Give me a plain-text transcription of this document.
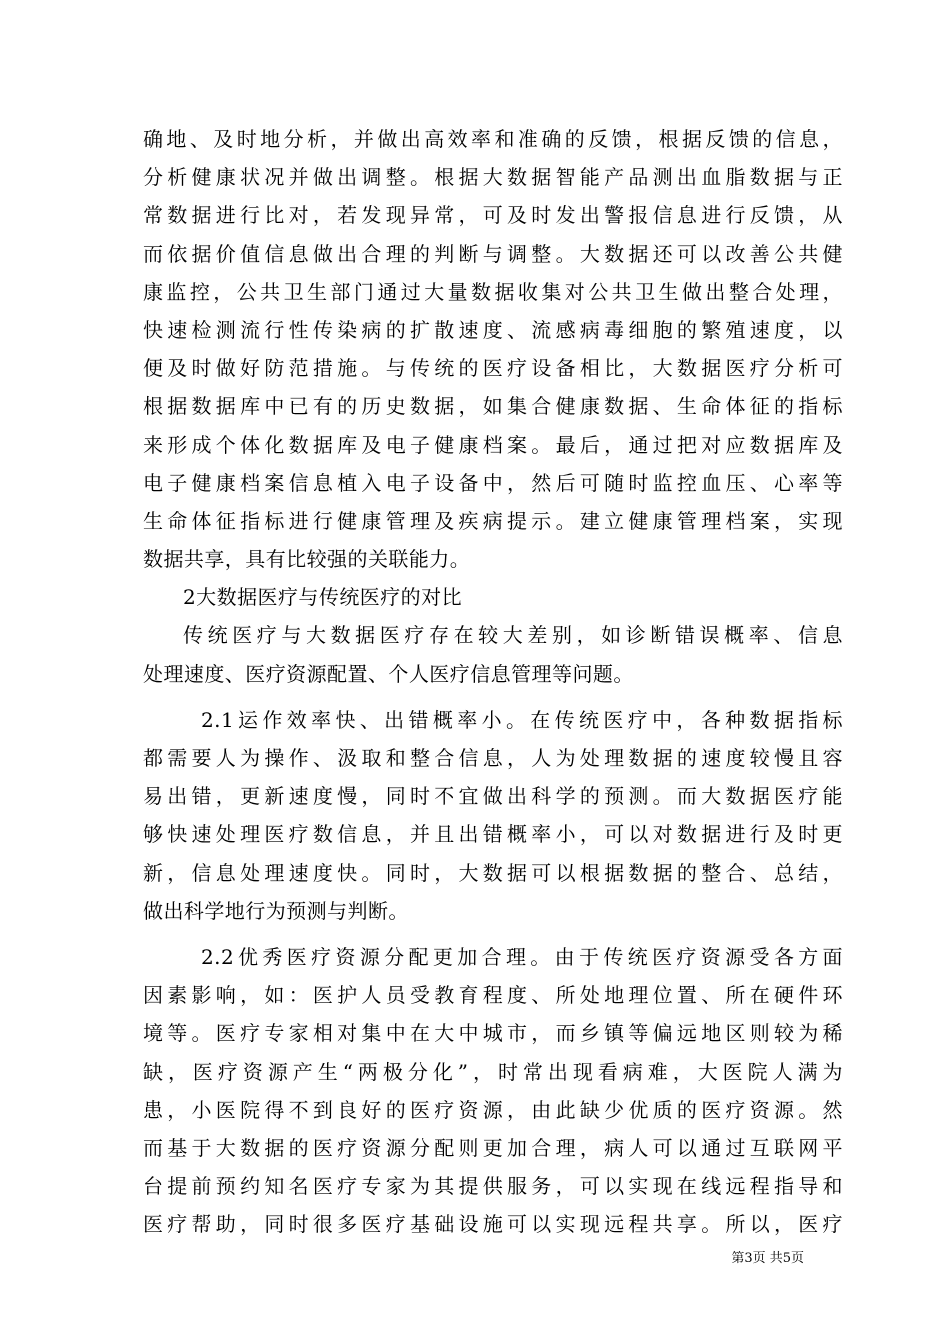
确地、及时地分析，并做出高效率和准确的反馈，根据反馈的信息，
分析健康状况并做出调整。根据大数据智能产品测出血脂数据与正
常数据进行比对，若发现异常，可及时发出警报信息进行反馈，从
而依据价值信息做出合理的判断与调整。大数据还可以改善公共健
康监控，公共卫生部门通过大量数据收集对公共卫生做出整合处理，
快速检测流行性传染病的扩散速度、流感病毒细胞的繁殖速度，以
便及时做好防范措施。与传统的医疗设备相比，大数据医疗分析可
根据数据库中已有的历史数据，如集合健康数据、生命体征的指标
来形成个体化数据库及电子健康档案。最后，通过把对应数据库及
电子健康档案信息植入电子设备中，然后可随时监控血压、心率等
生命体征指标进行健康管理及疾病提示。建立健康管理档案，实现
数据共享，具有比较强的关联能力。
2大数据医疗与传统医疗的对比
传统医疗与大数据医疗存在较大差别，如诊断错误概率、信息
处理速度、医疗资源配置、个人医疗信息管理等问题。
2.1运作效率快、出错概率小。在传统医疗中，各种数据指标
都需要人为操作、汲取和整合信息，人为处理数据的速度较慢且容
易出错，更新速度慢，同时不宜做出科学的预测。而大数据医疗能
够快速处理医疗数信息，并且出错概率小，可以对数据进行及时更
新，信息处理速度快。同时，大数据可以根据数据的整合、总结，
做出科学地行为预测与判断。
2.2优秀医疗资源分配更加合理。由于传统医疗资源受各方面
因素影响，如：医护人员受教育程度、所处地理位置、所在硬件环
境等。医疗专家相对集中在大中城市，而乡镇等偏远地区则较为稀
缺，医疗资源产生“两极分化”，时常出现看病难，大医院人满为
患，小医院得不到良好的医疗资源，由此缺少优质的医疗资源。然
而基于大数据的医疗资源分配则更加合理，病人可以通过互联网平
台提前预约知名医疗专家为其提供服务，可以实现在线远程指导和
医疗帮助，同时很多医疗基础设施可以实现远程共享。所以，医疗
第3页 共5页
